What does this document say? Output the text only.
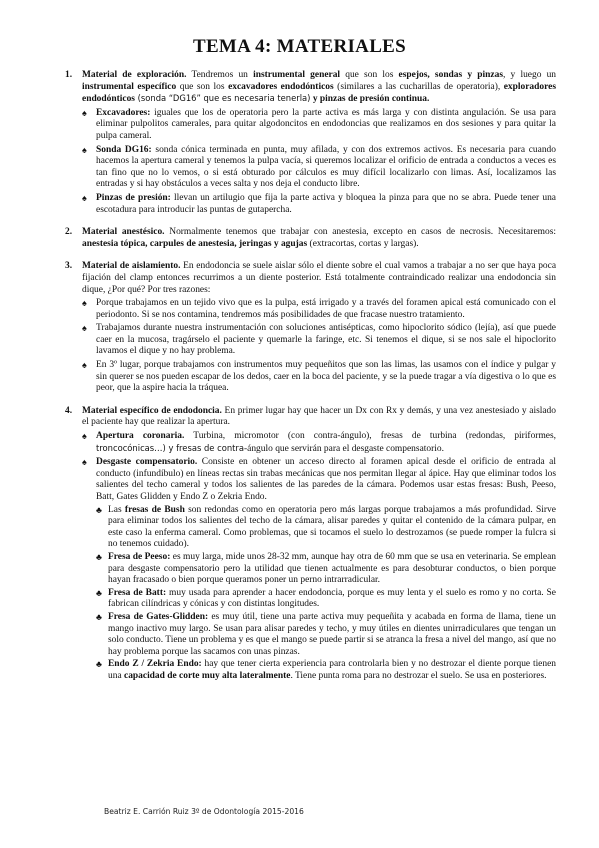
TEMA 4: MATERIALES
1. Material de exploración. Tendremos un instrumental general que son los espejos, sondas y pinzas, y luego un instrumental específico que son los excavadores endodónticos (similares a las cucharillas de operatoria), exploradores endodónticos (sonda “DG16” que es necesaria tenerla) y pinzas de presión continua.

♠ Excavadores: iguales que los de operatoria pero la parte activa es más larga y con distinta angulación. Se usa para eliminar pulpolitos camerales, para quitar algodoncitos en endodoncias que realizamos en dos sesiones y para quitar la pulpa cameral.
♠ Sonda DG16: sonda cónica terminada en punta, muy afilada, y con dos extremos activos. Es necesaria para cuando hacemos la apertura cameral y tenemos la pulpa vacía, si queremos localizar el orificio de entrada a conductos a veces es tan fino que no lo vemos, o si está obturado por cálculos es muy difícil localizarlo con limas. Así, localizamos las entradas y si hay obstáculos a veces salta y nos deja el conducto libre.
♠ Pinzas de presión: llevan un artilugio que fija la parte activa y bloquea la pinza para que no se abra. Puede tener una escotadura para introducir las puntas de gutapercha.
2. Material anestésico. Normalmente tenemos que trabajar con anestesia, excepto en casos de necrosis. Necesitaremos: anestesia tópica, carpules de anestesia, jeringas y agujas (extracortas, cortas y largas).

3. Material de aislamiento. En endodoncia se suele aislar sólo el diente sobre el cual vamos a trabajar a no ser que haya poca fijación del clamp entonces recurrimos a un diente posterior. Está totalmente contraindicado realizar una endodoncia sin dique, ¿Por qué? Por tres razones:

♠ Porque trabajamos en un tejido vivo que es la pulpa, está irrigado y a través del foramen apical está comunicado con el periodonto. Si se nos contamina, tendremos más posibilidades de que fracase nuestro tratamiento.
♠ Trabajamos durante nuestra instrumentación con soluciones antisépticas, como hipoclorito sódico (lejía), así que puede caer en la mucosa, tragárselo el paciente y quemarle la faringe, etc. Si tenemos el dique, si se nos sale el hipoclorito lavamos el dique y no hay problema.
♠ En 3º lugar, porque trabajamos con instrumentos muy pequeñitos que son las limas, las usamos con el índice y pulgar y sin querer se nos pueden escapar de los dedos, caer en la boca del paciente, y se la puede tragar a vía digestiva o lo que es peor, que la aspire hacia la tráquea.
4. Material específico de endodoncia. En primer lugar hay que hacer un Dx con Rx y demás, y una vez anestesiado y aislado el paciente hay que realizar la apertura.

♠ Apertura coronaria. Turbina, micromotor (con contra-ángulo), fresas de turbina (redondas, piriformes, troncocónicas…) y fresas de contra-ángulo que servirán para el desgaste compensatorio.
♠ Desgaste compensatorio. Consiste en obtener un acceso directo al foramen apical desde el orificio de entrada al conducto (infundíbulo) en líneas rectas sin trabas mecánicas que nos permitan llegar al ápice. Hay que eliminar todos los salientes del techo cameral y todos los salientes de las paredes de la cámara. Podemos usar estas fresas: Bush, Peeso, Batt, Gates Glidden y Endo Z o Zekria Endo.
♣ Las fresas de Bush son redondas como en operatoria pero más largas porque trabajamos a más profundidad. Sirve para eliminar todos los salientes del techo de la cámara, alisar paredes y quitar el contenido de la cámara pulpar, en este caso la enferma cameral. Como problemas, que si tocamos el suelo lo destrozamos (se puede romper la fulcra si no tenemos cuidado).
♣ Fresa de Peeso: es muy larga, mide unos 28-32 mm, aunque hay otra de 60 mm que se usa en veterinaria. Se emplean para desgaste compensatorio pero la utilidad que tienen actualmente es para desobturar conductos, o bien porque hayan fracasado o bien porque queramos poner un perno intrarradicular.
♣ Fresa de Batt: muy usada para aprender a hacer endodoncia, porque es muy lenta y el suelo es romo y no corta. Se fabrican cilíndricas y cónicas y con distintas longitudes.
♣ Fresa de Gates-Glidden: es muy útil, tiene una parte activa muy pequeñita y acabada en forma de llama, tiene un mango inactivo muy largo. Se usan para alisar paredes y techo, y muy útiles en dientes unirradiculares que tengan un solo conducto. Tiene un problema y es que el mango se puede partir si se atranca la fresa a nivel del mango, así que no hay problema porque las sacamos con unas pinzas.
♣ Endo Z / Zekria Endo: hay que tener cierta experiencia para controlarla bien y no destrozar el diente porque tienen una capacidad de corte muy alta lateralmente. Tiene punta roma para no destrozar el suelo. Se usa en posteriores.
Beatriz E. Carrión Ruiz 3º de Odontología 2015-2016
